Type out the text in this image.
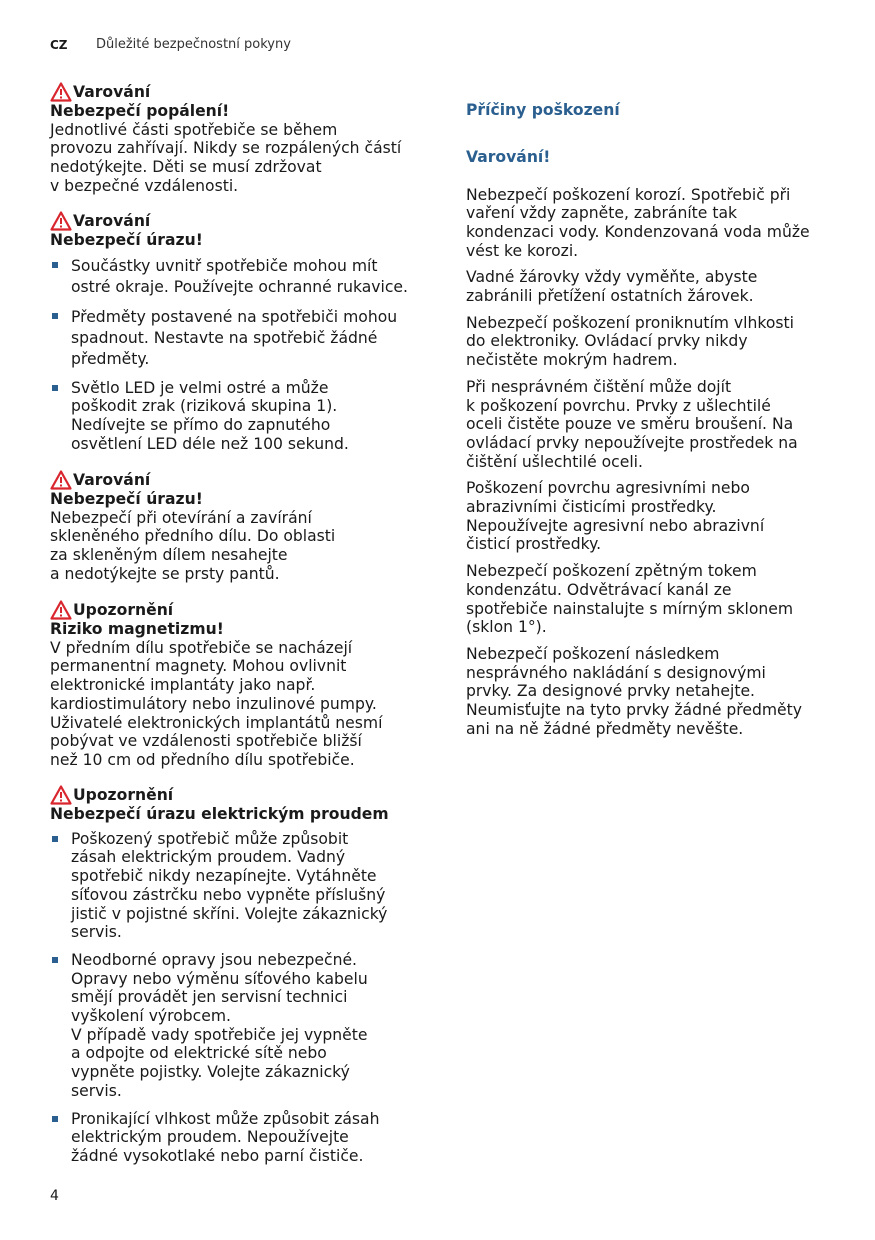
CZ Důležité bezpečnostní pokyny
Varování
Nebezpečí popálení!
Jednotlivé části spotřebiče se během
provozu zahřívají. Nikdy se rozpálených částí
nedotýkejte. Děti se musí zdržovat
v bezpečné vzdálenosti.
Varování
Nebezpečí úrazu!
Součástky uvnitř spotřebiče mohou mít
ostré okraje. Používejte ochranné rukavice.
Předměty postavené na spotřebiči mohou
spadnout. Nestavte na spotřebič žádné
předměty.
Světlo LED je velmi ostré a může
poškodit zrak (riziková skupina 1).
Nedívejte se přímo do zapnutého
osvětlení LED déle než 100 sekund.
Varování
Nebezpečí úrazu!
Nebezpečí při otevírání a zavírání
skleněného předního dílu. Do oblasti
za skleněným dílem nesahejte
a nedotýkejte se prsty pantů.
Upozornění
Riziko magnetizmu!
V předním dílu spotřebiče se nacházejí
permanentní magnety. Mohou ovlivnit
elektronické implantáty jako např.
kardiostimulátory nebo inzulinové pumpy.
Uživatelé elektronických implantátů nesmí
pobývat ve vzdálenosti spotřebiče bližší
než 10 cm od předního dílu spotřebiče.
Upozornění
Nebezpečí úrazu elektrickým proudem
Poškozený spotřebič může způsobit
zásah elektrickým proudem. Vadný
spotřebič nikdy nezapínejte. Vytáhněte
síťovou zástrčku nebo vypněte příslušný
jistič v pojistné skříni. Volejte zákaznický
servis.
Neodborné opravy jsou nebezpečné.
Opravy nebo výměnu síťového kabelu
smějí provádět jen servisní technici
vyškolení výrobcem.
V případě vady spotřebiče jej vypněte
a odpojte od elektrické sítě nebo
vypněte pojistky. Volejte zákaznický
servis.
Pronikající vlhkost může způsobit zásah
elektrickým proudem. Nepoužívejte
žádné vysokotlaké nebo parní čističe.

Příčiny poškození

Varování!

Nebezpečí poškození korozí. Spotřebič při
vaření vždy zapněte, zabráníte tak
kondenzaci vody. Kondenzovaná voda může
vést ke korozi.

Vadné žárovky vždy vyměňte, abyste
zabránili přetížení ostatních žárovek.

Nebezpečí poškození proniknutím vlhkosti
do elektroniky. Ovládací prvky nikdy
nečistěte mokrým hadrem.

Při nesprávném čištění může dojít
k poškození povrchu. Prvky z ušlechtilé
oceli čistěte pouze ve směru broušení. Na
ovládací prvky nepoužívejte prostředek na
čištění ušlechtilé oceli.

Poškození povrchu agresivními nebo
abrazivními čisticími prostředky.
Nepoužívejte agresivní nebo abrazivní
čisticí prostředky.

Nebezpečí poškození zpětným tokem
kondenzátu. Odvětrávací kanál ze
spotřebiče nainstalujte s mírným sklonem
(sklon 1°).

Nebezpečí poškození následkem
nesprávného nakládání s designovými
prvky. Za designové prvky netahejte.
Neumisťujte na tyto prvky žádné předměty
ani na ně žádné předměty nevěšte.

4
